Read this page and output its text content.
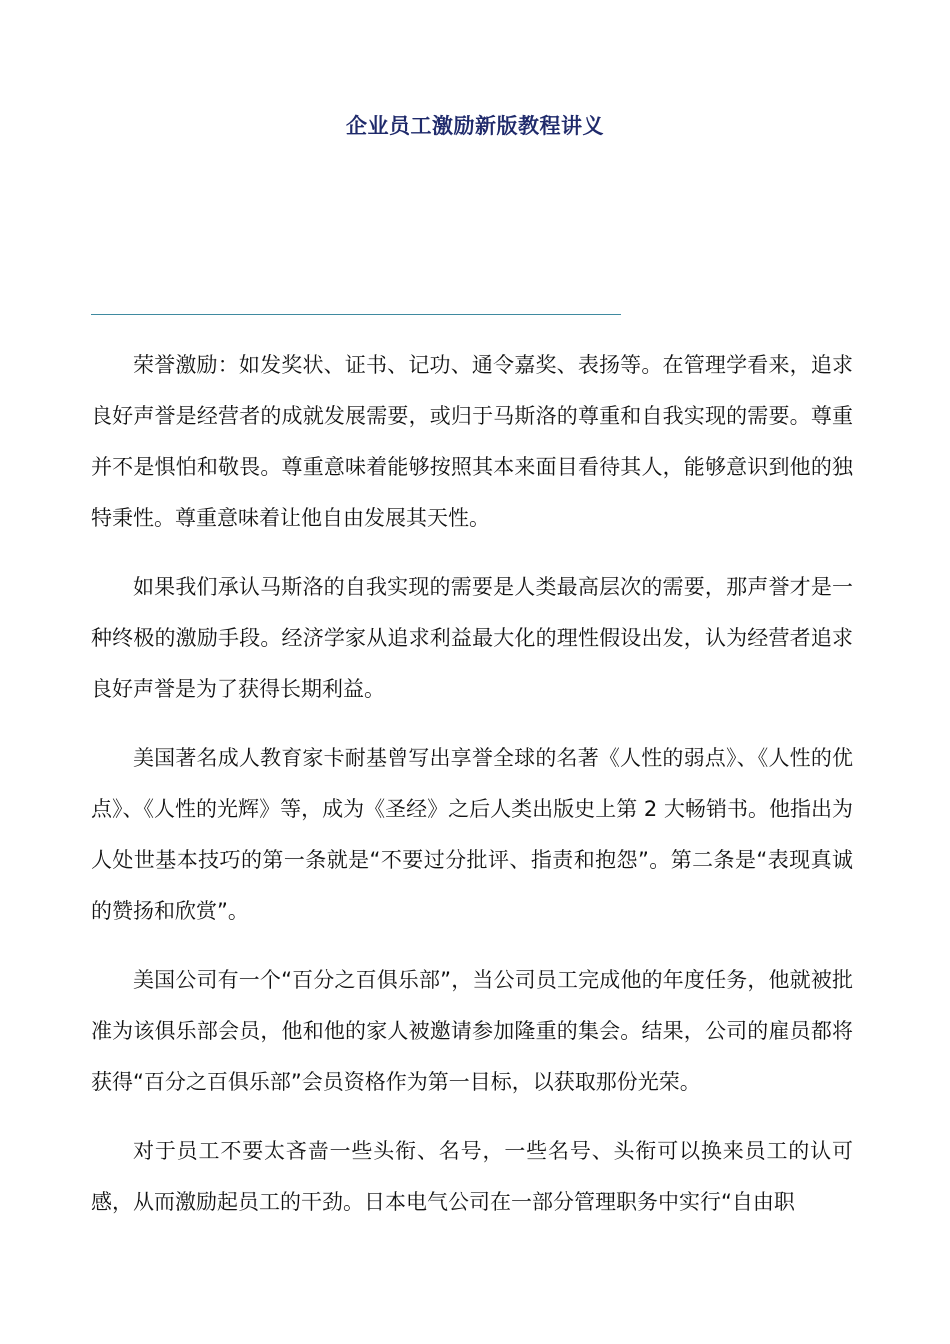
企业员工激励新版教程讲义

荣誉激励：如发奖状、证书、记功、通令嘉奖、表扬等。在管理学看来，追求良好声誉是经营者的成就发展需要，或归于马斯洛的尊重和自我实现的需要。尊重并不是惧怕和敬畏。尊重意味着能够按照其本来面目看待其人，能够意识到他的独特秉性。尊重意味着让他自由发展其天性。

如果我们承认马斯洛的自我实现的需要是人类最高层次的需要，那声誉才是一种终极的激励手段。经济学家从追求利益最大化的理性假设出发，认为经营者追求良好声誉是为了获得长期利益。

美国著名成人教育家卡耐基曾写出享誉全球的名著《人性的弱点》、《人性的优点》、《人性的光辉》等，成为《圣经》之后人类出版史上第 2 大畅销书。他指出为人处世基本技巧的第一条就是“不要过分批评、指责和抱怨”。第二条是“表现真诚的赞扬和欣赏”。

美国公司有一个“百分之百俱乐部”，当公司员工完成他的年度任务，他就被批准为该俱乐部会员，他和他的家人被邀请参加隆重的集会。结果，公司的雇员都将获得“百分之百俱乐部”会员资格作为第一目标，以获取那份光荣。

对于员工不要太吝啬一些头衔、名号，一些名号、头衔可以换来员工的认可感，从而激励起员工的干劲。日本电气公司在一部分管理职务中实行“自由职
